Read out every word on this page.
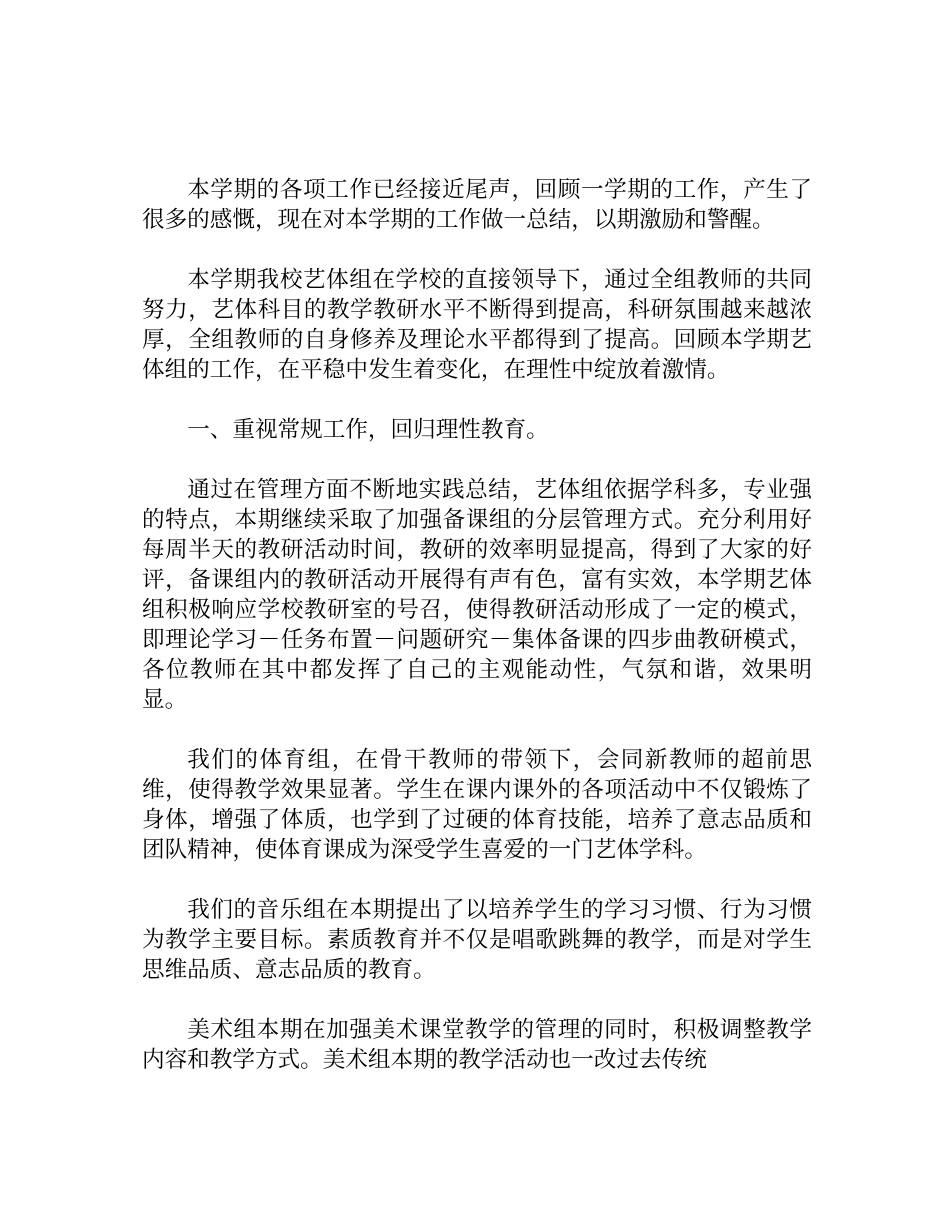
本学期的各项工作已经接近尾声，回顾一学期的工作，产生了很多的感慨，现在对本学期的工作做一总结，以期激励和警醒。

本学期我校艺体组在学校的直接领导下，通过全组教师的共同努力，艺体科目的教学教研水平不断得到提高，科研氛围越来越浓厚，全组教师的自身修养及理论水平都得到了提高。回顾本学期艺体组的工作，在平稳中发生着变化，在理性中绽放着激情。

一、重视常规工作，回归理性教育。

通过在管理方面不断地实践总结，艺体组依据学科多，专业强的特点，本期继续采取了加强备课组的分层管理方式。充分利用好每周半天的教研活动时间，教研的效率明显提高，得到了大家的好评，备课组内的教研活动开展得有声有色，富有实效，本学期艺体组积极响应学校教研室的号召，使得教研活动形成了一定的模式，即理论学习－任务布置－问题研究－集体备课的四步曲教研模式，各位教师在其中都发挥了自己的主观能动性，气氛和谐，效果明显。

我们的体育组，在骨干教师的带领下，会同新教师的超前思维，使得教学效果显著。学生在课内课外的各项活动中不仅锻炼了身体，增强了体质，也学到了过硬的体育技能，培养了意志品质和团队精神，使体育课成为深受学生喜爱的一门艺体学科。

我们的音乐组在本期提出了以培养学生的学习习惯、行为习惯为教学主要目标。素质教育并不仅是唱歌跳舞的教学，而是对学生思维品质、意志品质的教育。

美术组本期在加强美术课堂教学的管理的同时，积极调整教学内容和教学方式。美术组本期的教学活动也一改过去传统
